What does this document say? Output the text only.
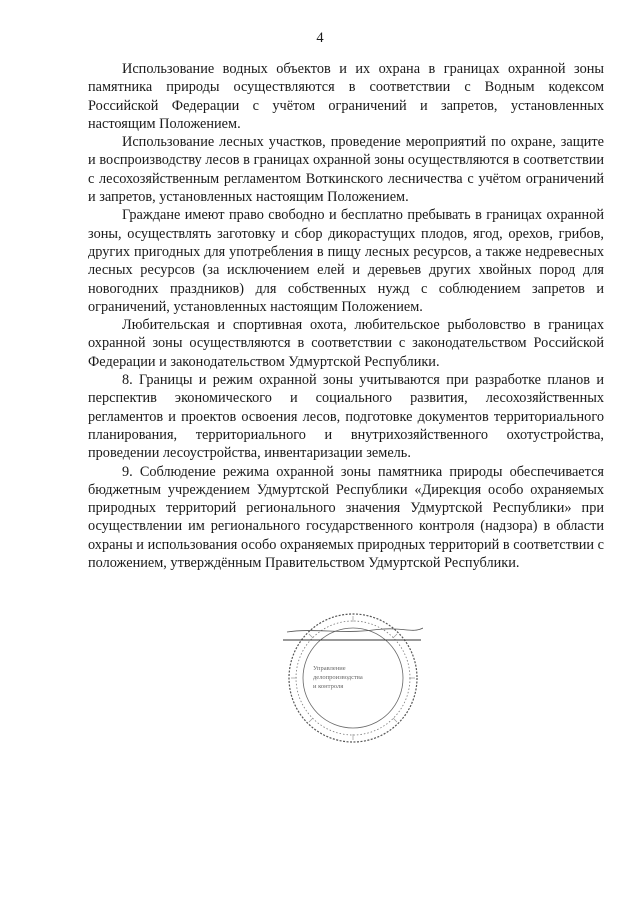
4

Использование водных объектов и их охрана в границах охранной зоны памятника природы осуществляются в соответствии с Водным кодексом Российской Федерации с учётом ограничений и запретов, установленных настоящим Положением.

Использование лесных участков, проведение мероприятий по охране, защите и воспроизводству лесов в границах охранной зоны осуществляются в соответствии с лесохозяйственным регламентом Воткинского лесничества с учётом ограничений и запретов, установленных настоящим Положением.

Граждане имеют право свободно и бесплатно пребывать в границах охранной зоны, осуществлять заготовку и сбор дикорастущих плодов, ягод, орехов, грибов, других пригодных для употребления в пищу лесных ресурсов, а также недревесных лесных ресурсов (за исключением елей и деревьев других хвойных пород для новогодних праздников) для собственных нужд с соблюдением запретов и ограничений, установленных настоящим Положением.

Любительская и спортивная охота, любительское рыболовство в границах охранной зоны осуществляются в соответствии с законодательством Российской Федерации и законодательством Удмуртской Республики.

8. Границы и режим охранной зоны учитываются при разработке планов и перспектив экономического и социального развития, лесохозяйственных регламентов и проектов освоения лесов, подготовке документов территориального планирования, территориального и внутрихозяйственного охотустройства, проведении лесоустройства, инвентаризации земель.

9. Соблюдение режима охранной зоны памятника природы обеспечивается бюджетным учреждением Удмуртской Республики «Дирекция особо охраняемых природных территорий регионального значения Удмуртской Республики» при осуществлении им регионального государственного контроля (надзора) в области охраны и использования особо охраняемых природных территорий в соответствии с положением, утверждённым Правительством Удмуртской Республики.

Управление
делопроизводства
и контроля
